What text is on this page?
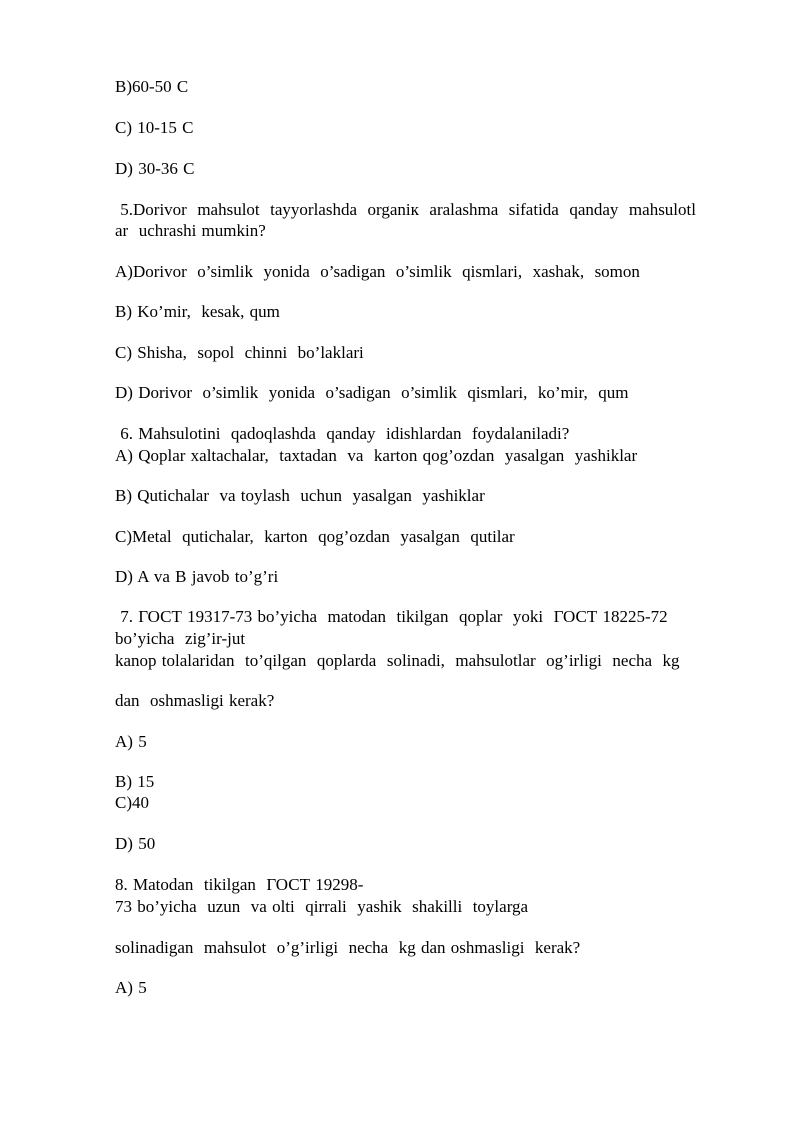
B)60-50 C
C) 10-15 C
D) 30-36 C
5.Dorivor  mahsulot  tayyorlashda  organiк  aralashma  sifatida  qanday  mahsulotl
ar  uchrashi mumkin?
A)Dorivor  o’simlik  yonida  o’sadigan  o’simlik  qismlari,  xashak,  somon
B) Ko’mir,  kesak, qum
C) Shisha,  sopol  chinni  bo’laklari
D) Dorivor  o’simlik  yonida  o’sadigan  o’simlik  qismlari,  ko’mir,  qum
6. Mahsulotini  qadoqlashda  qanday  idishlardan  foydalaniladi?
A) Qoplar xaltachalar,  taxtadan  va  karton qog’ozdan  yasalgan  yashiklar
B) Qutichalar  va toylash  uchun  yasalgan  yashiklar
C)Metal  qutichalar,  karton  qog’ozdan  yasalgan  qutilar
D) A va B javob to’g’ri
7. ГОСТ 19317-73 bo’yicha  matodan  tikilgan  qoplar  yoki  ГОСТ 18225-72
bo’yicha  zig’ir-jut
kanop tolalaridan  to’qilgan  qoplarda  solinadi,  mahsulotlar  og’irligi  necha  kg
dan  oshmasligi kerak?
A) 5
B) 15
C)40
D) 50
8. Matodan  tikilgan  ГОСТ 19298-
73 bo’yicha  uzun  va olti  qirrali  yashik  shakilli  toylarga
solinadigan  mahsulot  o’g’irligi  necha  kg dan oshmasligi  kerak?
A) 5
